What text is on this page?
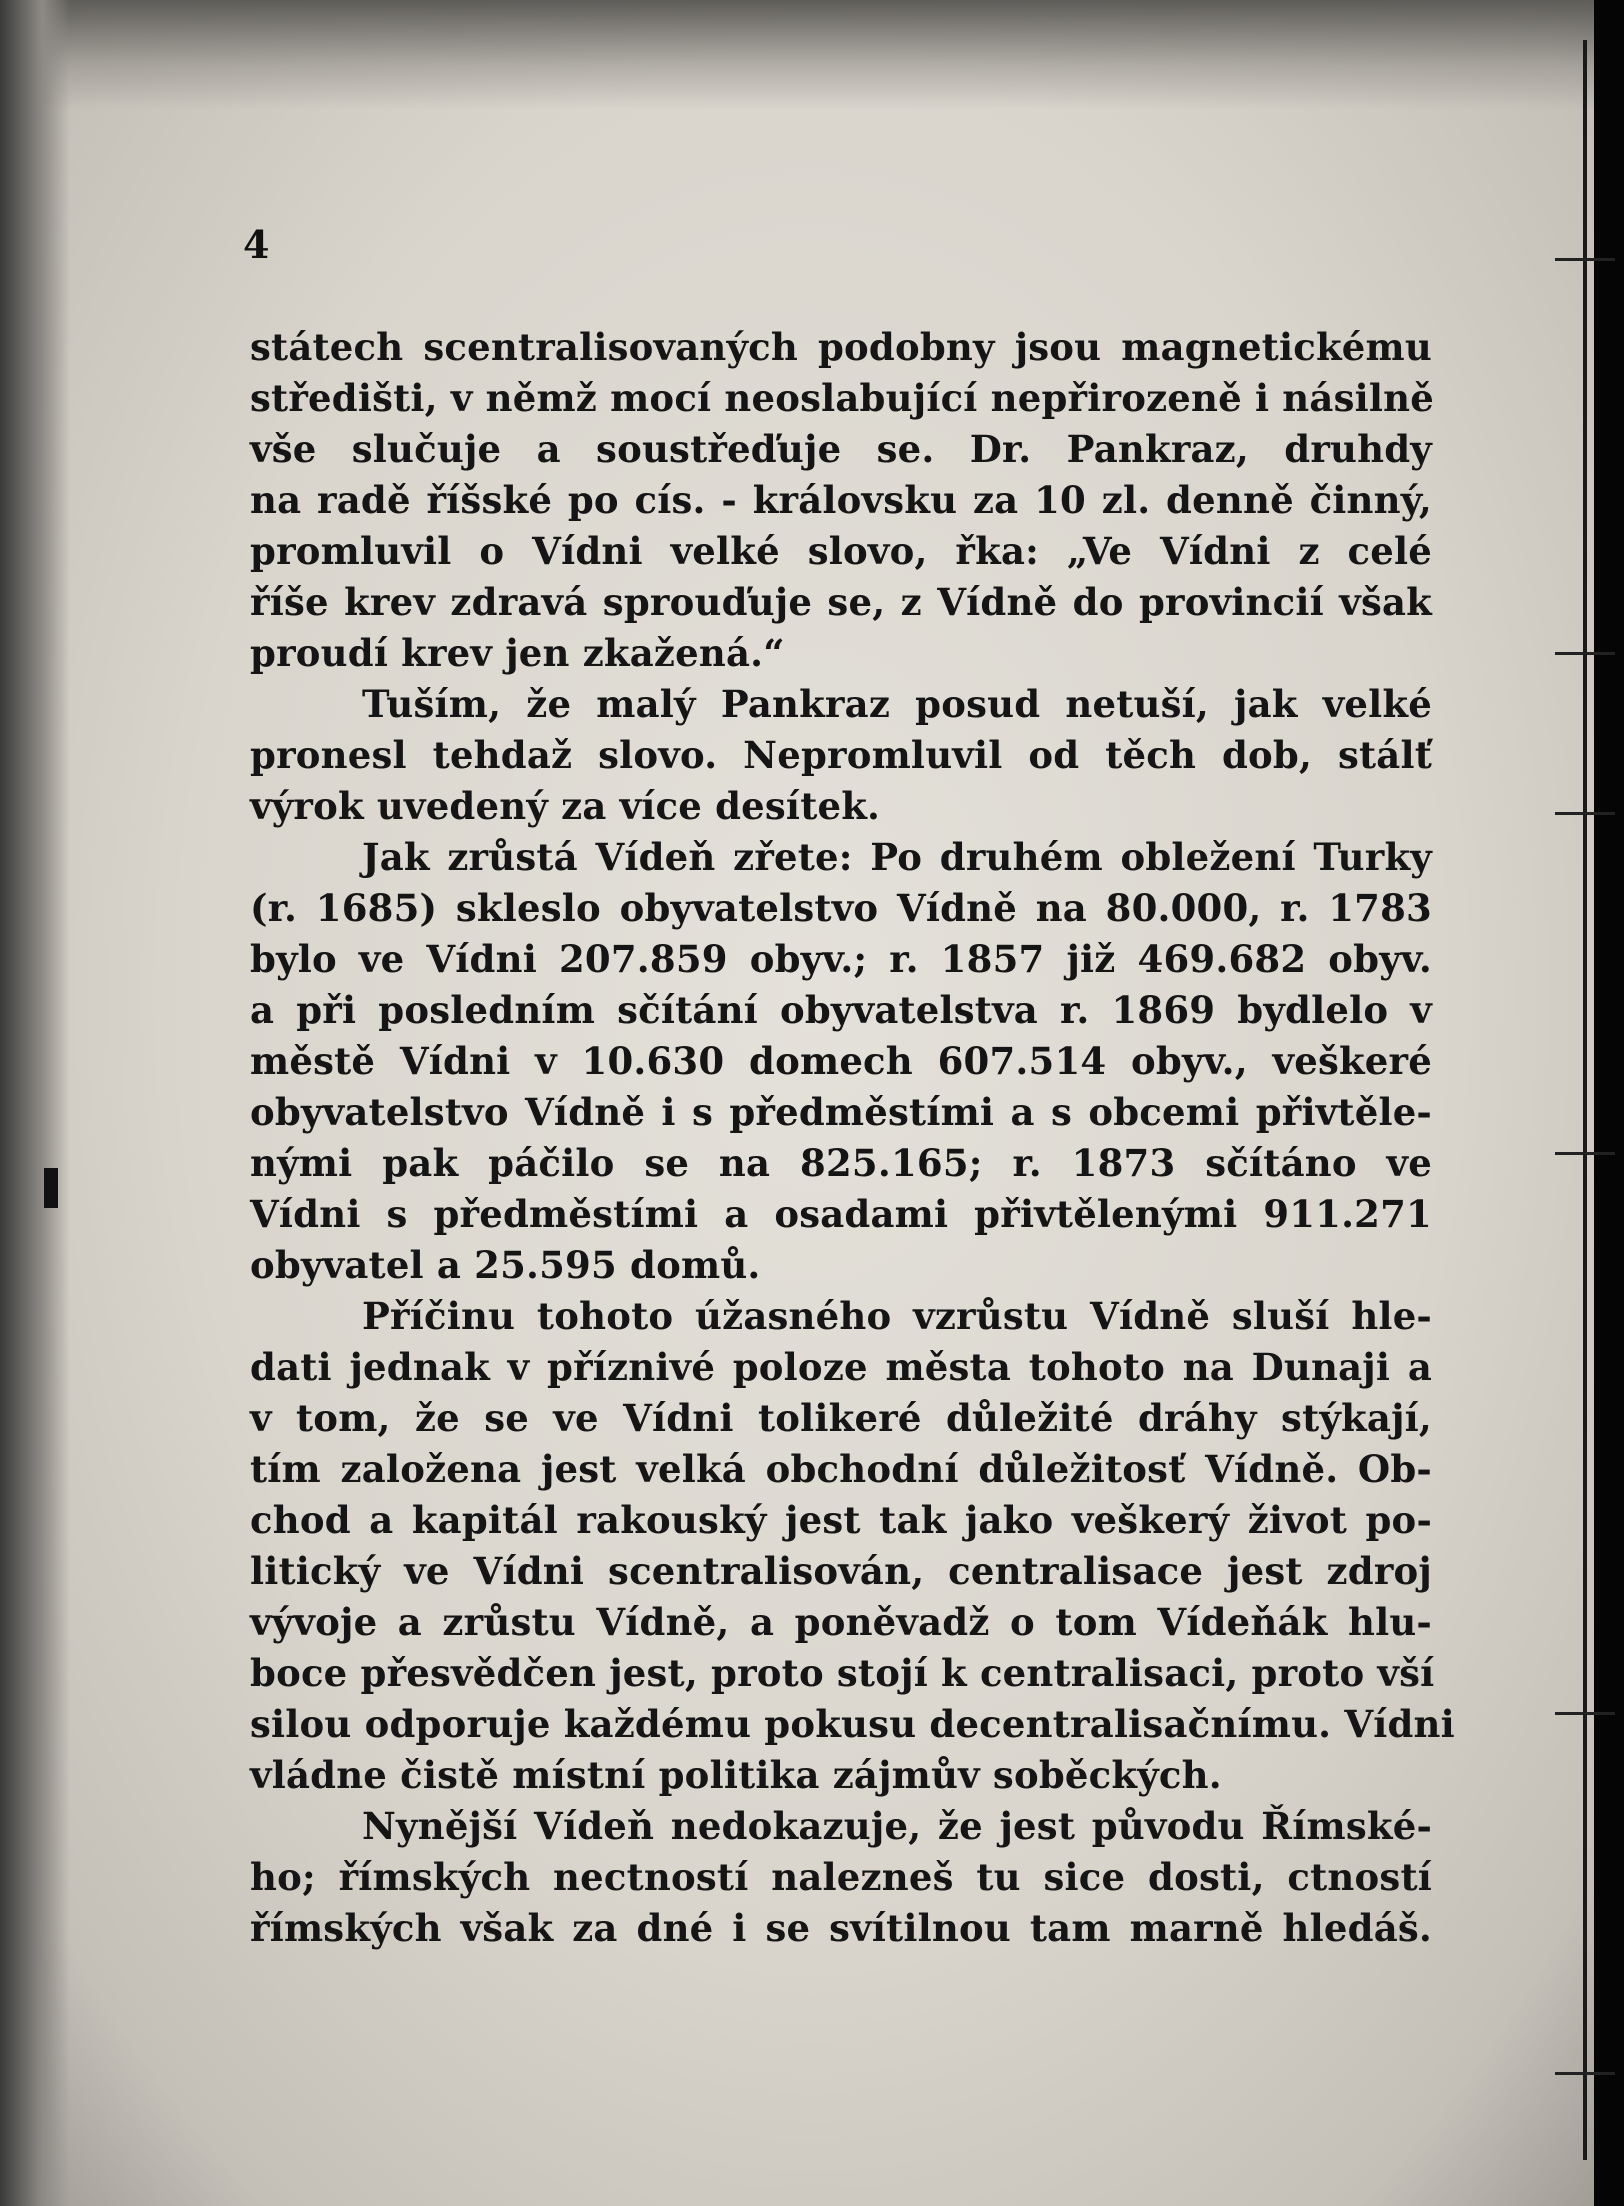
4
státech scentralisovaných podobny jsou magnetickému
středišti, v němž mocí neoslabující nepřirozeně i násilně
vše slučuje a soustřeďuje se. Dr. Pankraz, druhdy
na radě říšské po cís. - královsku za 10 zl. denně činný,
promluvil o Vídni velké slovo, řka: „Ve Vídni z celé
říše krev zdravá sprouďuje se, z Vídně do provincií však
proudí krev jen zkažená.“
Tuším, že malý Pankraz posud netuší, jak velké
pronesl tehdaž slovo. Nepromluvil od těch dob, stálť
výrok uvedený za více desítek.
Jak zrůstá Vídeň zřete: Po druhém obležení Turky
(r. 1685) skleslo obyvatelstvo Vídně na 80.000, r. 1783
bylo ve Vídni 207.859 obyv.; r. 1857 již 469.682 obyv.
a při posledním sčítání obyvatelstva r. 1869 bydlelo v
městě Vídni v 10.630 domech 607.514 obyv., veškeré
obyvatelstvo Vídně i s předměstími a s obcemi přivtěle-
nými pak páčilo se na 825.165; r. 1873 sčítáno ve
Vídni s předměstími a osadami přivtělenými 911.271
obyvatel a 25.595 domů.
Příčinu tohoto úžasného vzrůstu Vídně sluší hle-
dati jednak v příznivé poloze města tohoto na Dunaji a
v tom, že se ve Vídni tolikeré důležité dráhy stýkají,
tím založena jest velká obchodní důležitosť Vídně. Ob-
chod a kapitál rakouský jest tak jako veškerý život po-
litický ve Vídni scentralisován, centralisace jest zdroj
vývoje a zrůstu Vídně, a poněvadž o tom Vídeňák hlu-
boce přesvědčen jest, proto stojí k centralisaci, proto vší
silou odporuje každému pokusu decentralisačnímu. Vídni
vládne čistě místní politika zájmův soběckých.
Nynější Vídeň nedokazuje, že jest původu Římské-
ho; římských nectností nalezneš tu sice dosti, ctností
římských však za dné i se svítilnou tam marně hledáš.
